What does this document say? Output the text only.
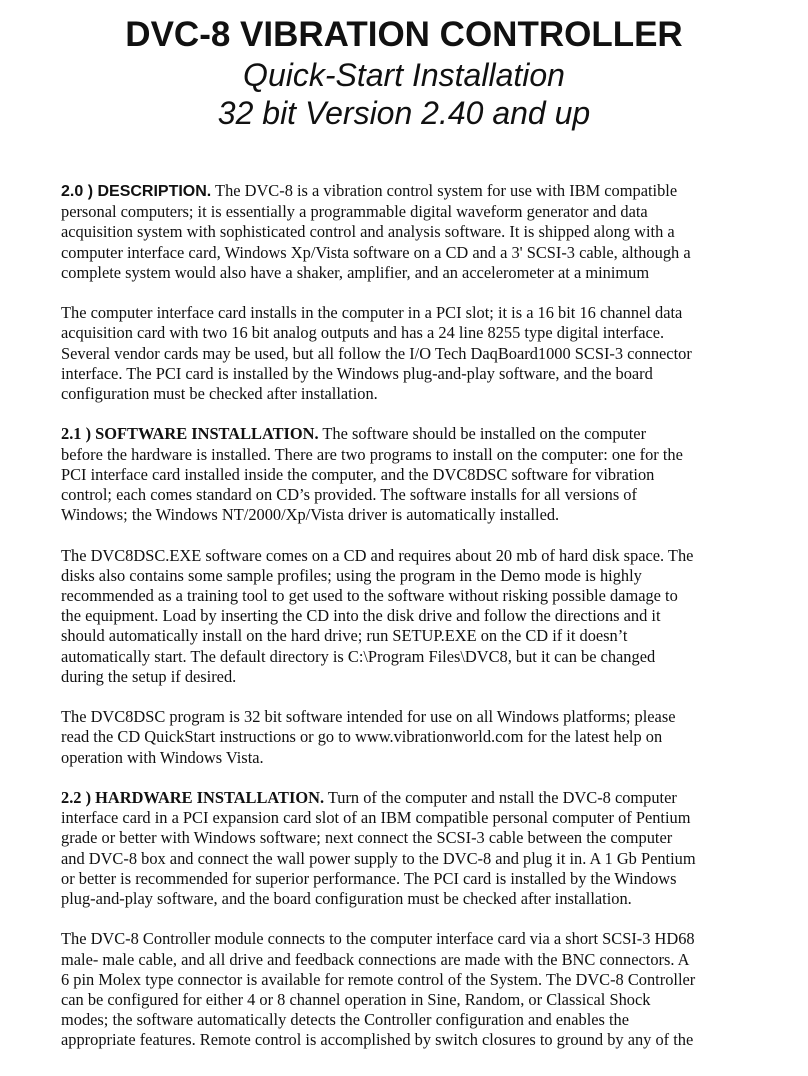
DVC-8 VIBRATION CONTROLLER
Quick-Start Installation
32 bit Version 2.40 and up

2.0 ) DESCRIPTION. The DVC-8 is a vibration control system for use with IBM compatible
personal computers; it is essentially a programmable digital waveform generator and data
acquisition system with sophisticated control and analysis software. It is shipped along with a
computer interface card, Windows Xp/Vista software on a CD and a 3' SCSI-3 cable, although a
complete system would also have a shaker, amplifier, and an accelerometer at a minimum

The computer interface card installs in the computer in a PCI slot; it is a 16 bit 16 channel data
acquisition card with two 16 bit analog outputs and has a 24 line 8255 type digital interface.
Several vendor cards may be used, but all follow the I/O Tech DaqBoard1000 SCSI-3 connector
interface. The PCI card is installed by the Windows plug-and-play software, and the board
configuration must be checked after installation.

2.1 ) SOFTWARE INSTALLATION. The software should be installed on the computer
before the hardware is installed. There are two programs to install on the computer: one for the
PCI interface card installed inside the computer, and the DVC8DSC software for vibration
control; each comes standard on CD’s provided. The software installs for all versions of
Windows; the Windows NT/2000/Xp/Vista driver is automatically installed.

The DVC8DSC.EXE software comes on a CD and requires about 20 mb of hard disk space. The
disks also contains some sample profiles; using the program in the Demo mode is highly
recommended as a training tool to get used to the software without risking possible damage to
the equipment. Load by inserting the CD into the disk drive and follow the directions and it
should automatically install on the hard drive; run SETUP.EXE on the CD if it doesn’t
automatically start. The default directory is C:\Program Files\DVC8, but it can be changed
during the setup if desired.

The DVC8DSC program is 32 bit software intended for use on all Windows platforms; please
read the CD QuickStart instructions or go to www.vibrationworld.com for the latest help on
operation with Windows Vista.

2.2 ) HARDWARE INSTALLATION. Turn of the computer and nstall the DVC-8 computer
interface card in a PCI expansion card slot of an IBM compatible personal computer of Pentium
grade or better with Windows software; next connect the SCSI-3 cable between the computer
and DVC-8 box and connect the wall power supply to the DVC-8 and plug it in. A 1 Gb Pentium
or better is recommended for superior performance. The PCI card is installed by the Windows
plug-and-play software, and the board configuration must be checked after installation.

The DVC-8 Controller module connects to the computer interface card via a short SCSI-3 HD68
male- male cable, and all drive and feedback connections are made with the BNC connectors. A
6 pin Molex type connector is available for remote control of the System. The DVC-8 Controller
can be configured for either 4 or 8 channel operation in Sine, Random, or Classical Shock
modes; the software automatically detects the Controller configuration and enables the
appropriate features. Remote control is accomplished by switch closures to ground by any of the
